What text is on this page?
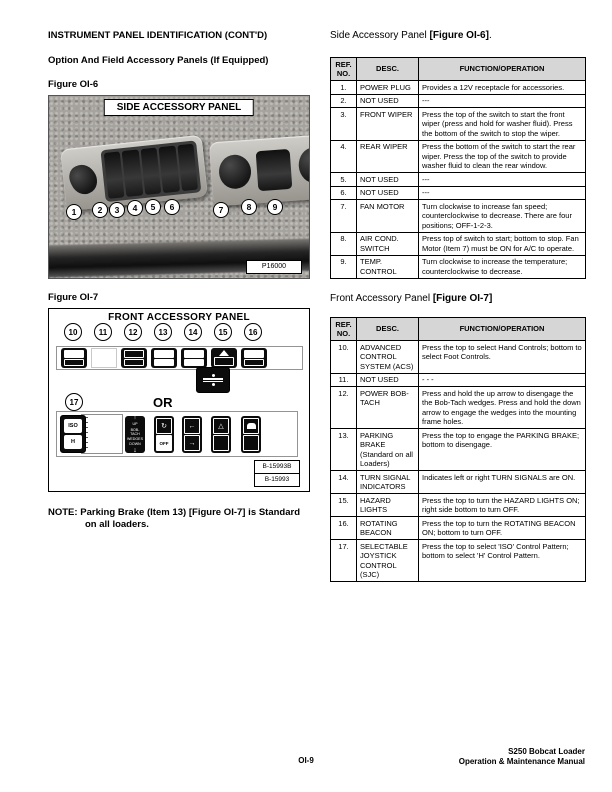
INSTRUMENT PANEL IDENTIFICATION (CONT'D)
Option And Field Accessory Panels (If Equipped)
Figure OI-6
SIDE ACCESSORY PANEL
1	2	3	4	5	6	7	8	9
P16000
Figure OI-7
FRONT ACCESSORY PANEL
10	11	12	13	14	15	16
17	OR
ISO
H
↑
UP
BOB-TACH WEDGES
DOWN
↓
↻
OFF
←
→
△
B-15993B
B-15993
NOTE: Parking Brake (Item 13) [Figure OI-7] is Standard on all loaders.

Side Accessory Panel [Figure OI-6].

REF. NO.	DESC.	FUNCTION/OPERATION
1.	POWER PLUG	Provides a 12V receptacle for accessories.
2.	NOT USED	---
3.	FRONT WIPER	Press the top of the switch to start the front wiper (press and hold for washer fluid). Press the bottom of the switch to stop the wiper.
4.	REAR WIPER	Press the bottom of the switch to start the rear wiper. Press the top of the switch to provide washer fluid to clean the rear window.
5.	NOT USED	---
6.	NOT USED	---
7.	FAN MOTOR	Turn clockwise to increase fan speed; counterclockwise to decrease. There are four positions; OFF-1-2-3.
8.	AIR COND. SWITCH	Press top of switch to start; bottom to stop. Fan Motor (Item 7) must be ON for A/C to operate.
9.	TEMP. CONTROL	Turn clockwise to increase the temperature; counterclockwise to decrease.

Front Accessory Panel [Figure OI-7]

REF. NO.	DESC.	FUNCTION/OPERATION
10.	ADVANCED CONTROL SYSTEM (ACS)	Press the top to select Hand Controls; bottom to select Foot Controls.
11.	NOT USED	- - -
12.	POWER BOB-TACH	Press and hold the up arrow to disengage the the Bob-Tach wedges. Press and hold the down arrow to engage the wedges into the mounting frame holes.
13.	PARKING BRAKE (Standard on all Loaders)	Press the top to engage the PARKING BRAKE; bottom to disengage.
14.	TURN SIGNAL INDICATORS	Indicates left or right TURN SIGNALS are ON.
15.	HAZARD LIGHTS	Press the top to turn the HAZARD LIGHTS ON; right side bottom to turn OFF.
16.	ROTATING BEACON	Press the top to turn the ROTATING BEACON ON; bottom to turn OFF.
17.	SELECTABLE JOYSTICK CONTROL (SJC)	Press the top to select 'ISO' Control Pattern; bottom to select 'H' Control Pattern.
OI-9
S250 Bobcat Loader
Operation & Maintenance Manual
